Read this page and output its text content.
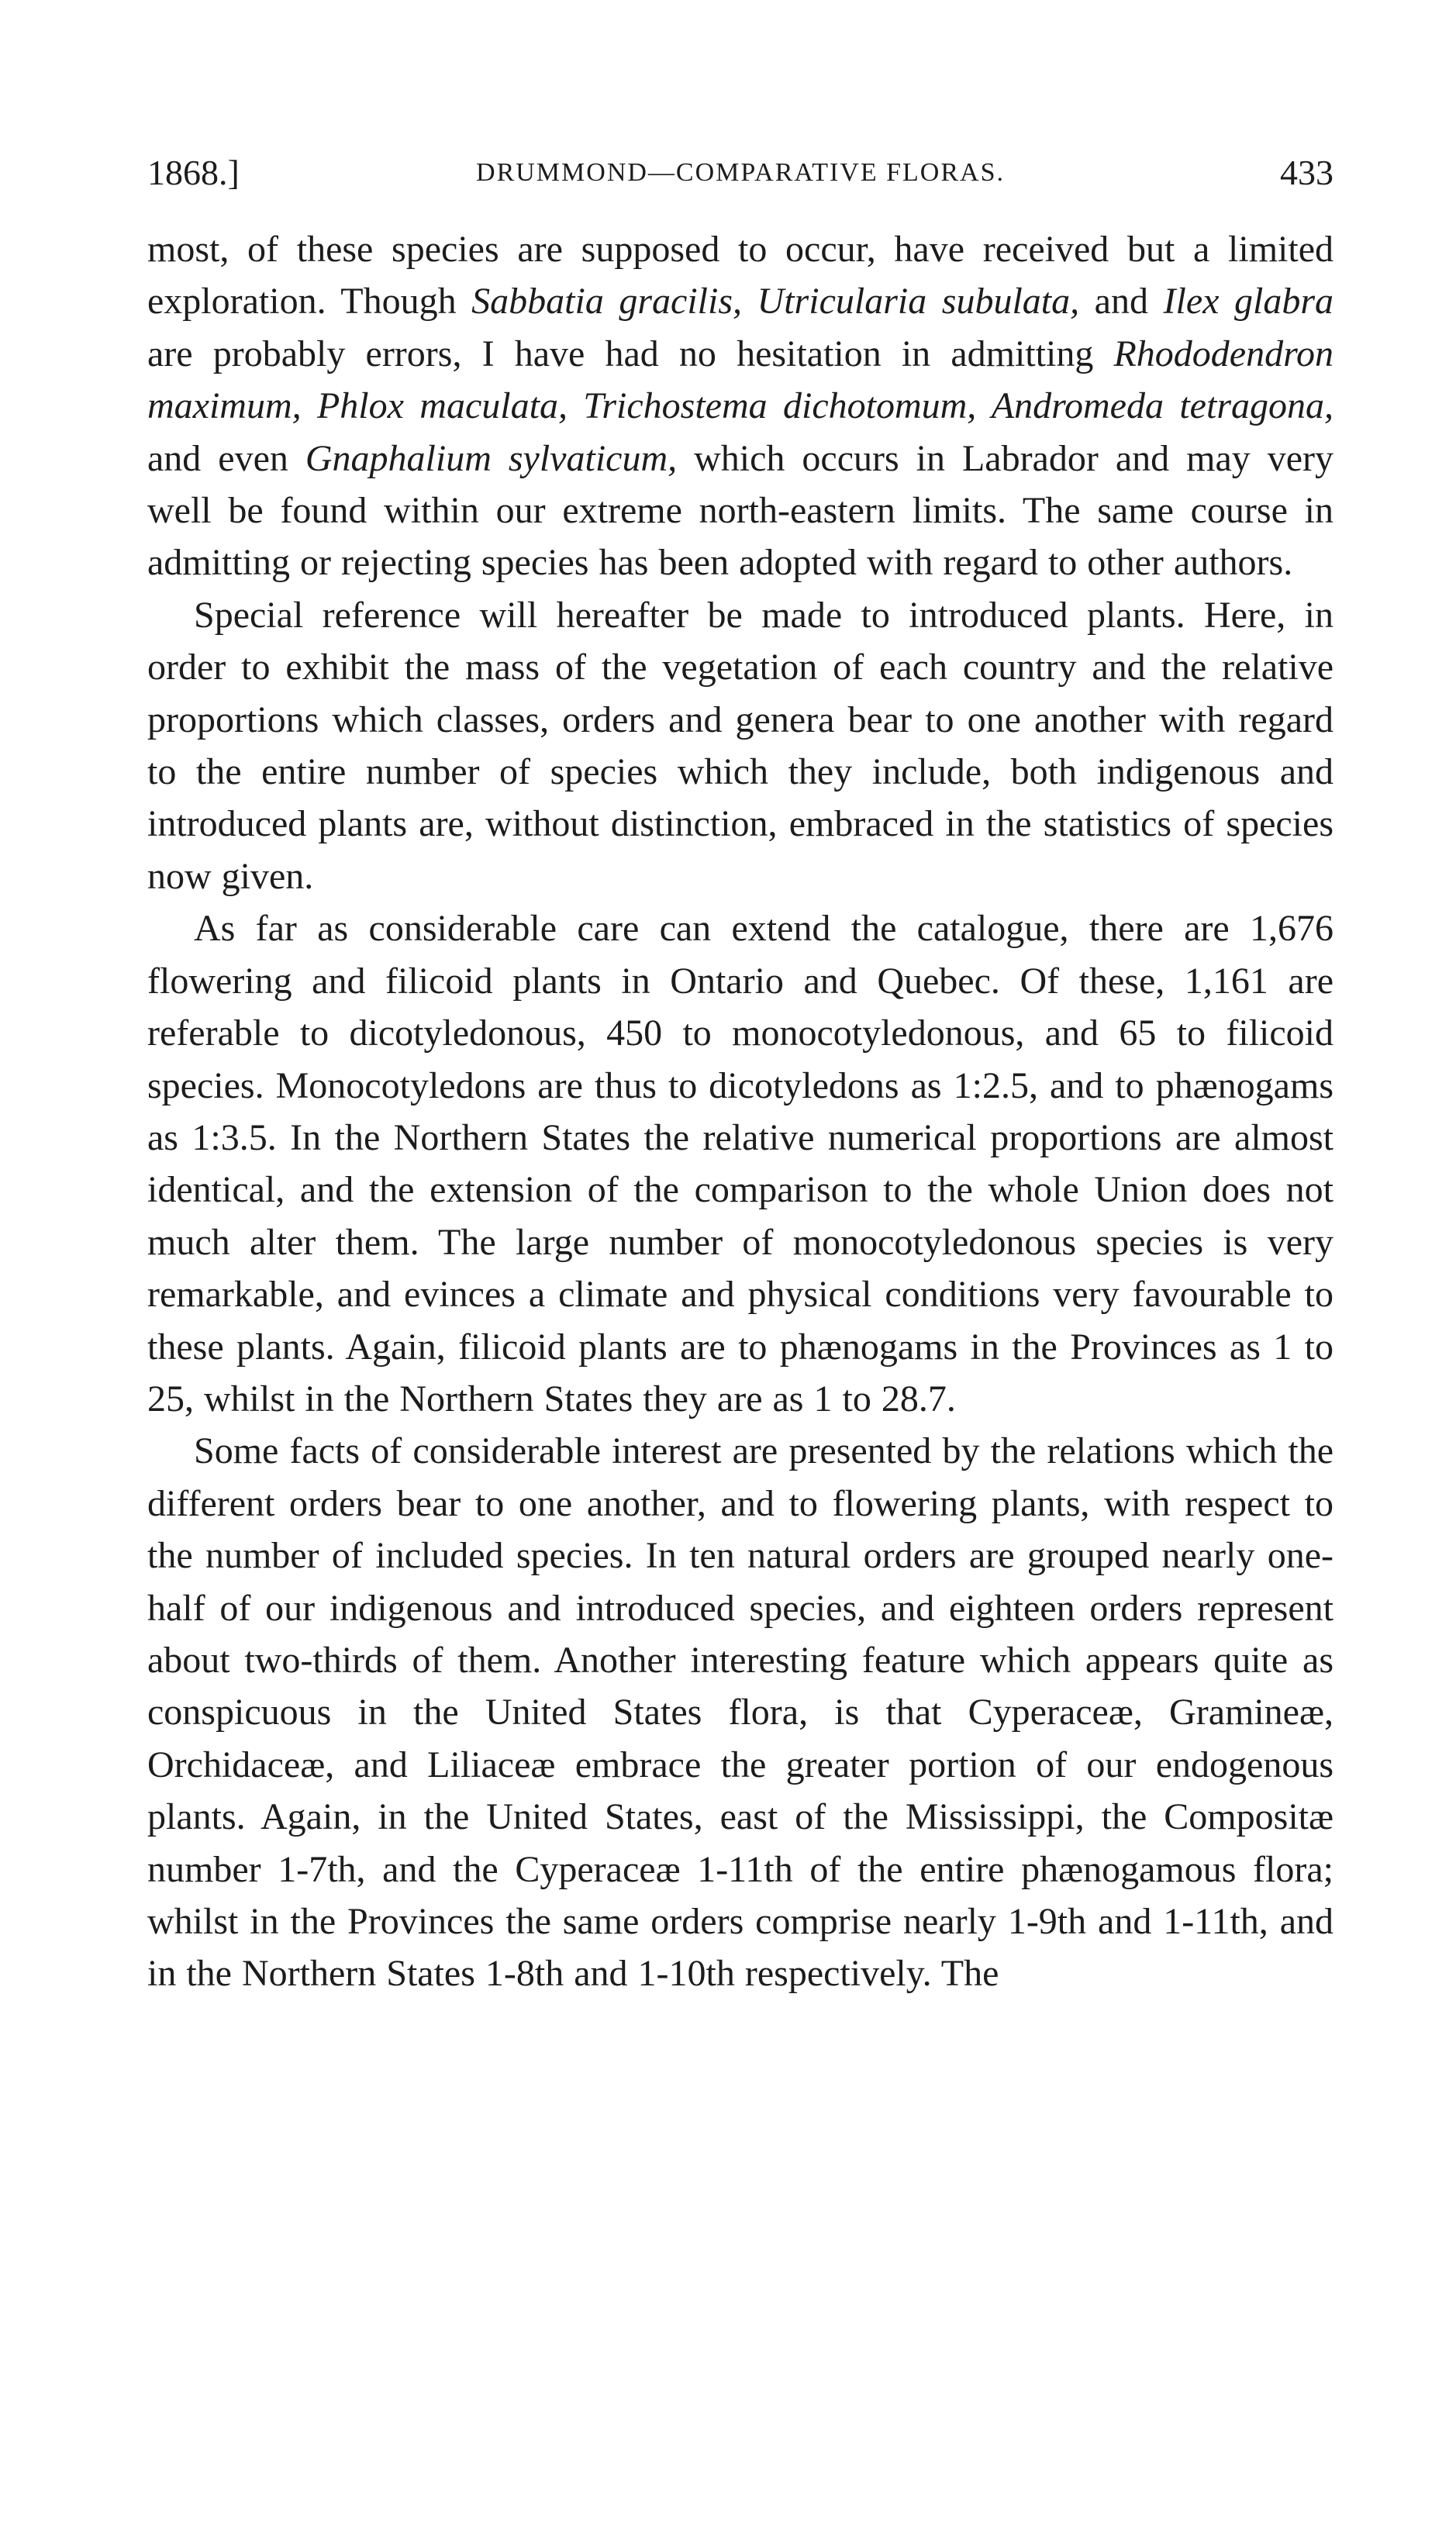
1868.]	DRUMMOND—COMPARATIVE FLORAS.	433

most, of these species are supposed to occur, have received but a limited exploration. Though Sabbatia gracilis, Utricularia subulata, and Ilex glabra are probably errors, I have had no hesitation in admitting Rhododendron maximum, Phlox maculata, Trichostema dichotomum, Andromeda tetragona, and even Gnaphalium sylvaticum, which occurs in Labrador and may very well be found within our extreme north-eastern limits. The same course in admitting or rejecting species has been adopted with regard to other authors.

Special reference will hereafter be made to introduced plants. Here, in order to exhibit the mass of the vegetation of each country and the relative proportions which classes, orders and genera bear to one another with regard to the entire number of species which they include, both indigenous and introduced plants are, without distinction, embraced in the statistics of species now given.

As far as considerable care can extend the catalogue, there are 1,676 flowering and filicoid plants in Ontario and Quebec. Of these, 1,161 are referable to dicotyledonous, 450 to monocotyledonous, and 65 to filicoid species. Monocotyledons are thus to dicotyledons as 1:2.5, and to phænogams as 1:3.5. In the Northern States the relative numerical proportions are almost identical, and the extension of the comparison to the whole Union does not much alter them. The large number of monocotyledonous species is very remarkable, and evinces a climate and physical conditions very favourable to these plants. Again, filicoid plants are to phænogams in the Provinces as 1 to 25, whilst in the Northern States they are as 1 to 28.7.

Some facts of considerable interest are presented by the relations which the different orders bear to one another, and to flowering plants, with respect to the number of included species. In ten natural orders are grouped nearly one-half of our indigenous and introduced species, and eighteen orders represent about two-thirds of them. Another interesting feature which appears quite as conspicuous in the United States flora, is that Cyperaceæ, Gramineæ, Orchidaceæ, and Liliaceæ embrace the greater portion of our endogenous plants. Again, in the United States, east of the Mississippi, the Compositæ number 1-7th, and the Cyperaceæ 1-11th of the entire phænogamous flora; whilst in the Provinces the same orders comprise nearly 1-9th and 1-11th, and in the Northern States 1-8th and 1-10th respectively. The
